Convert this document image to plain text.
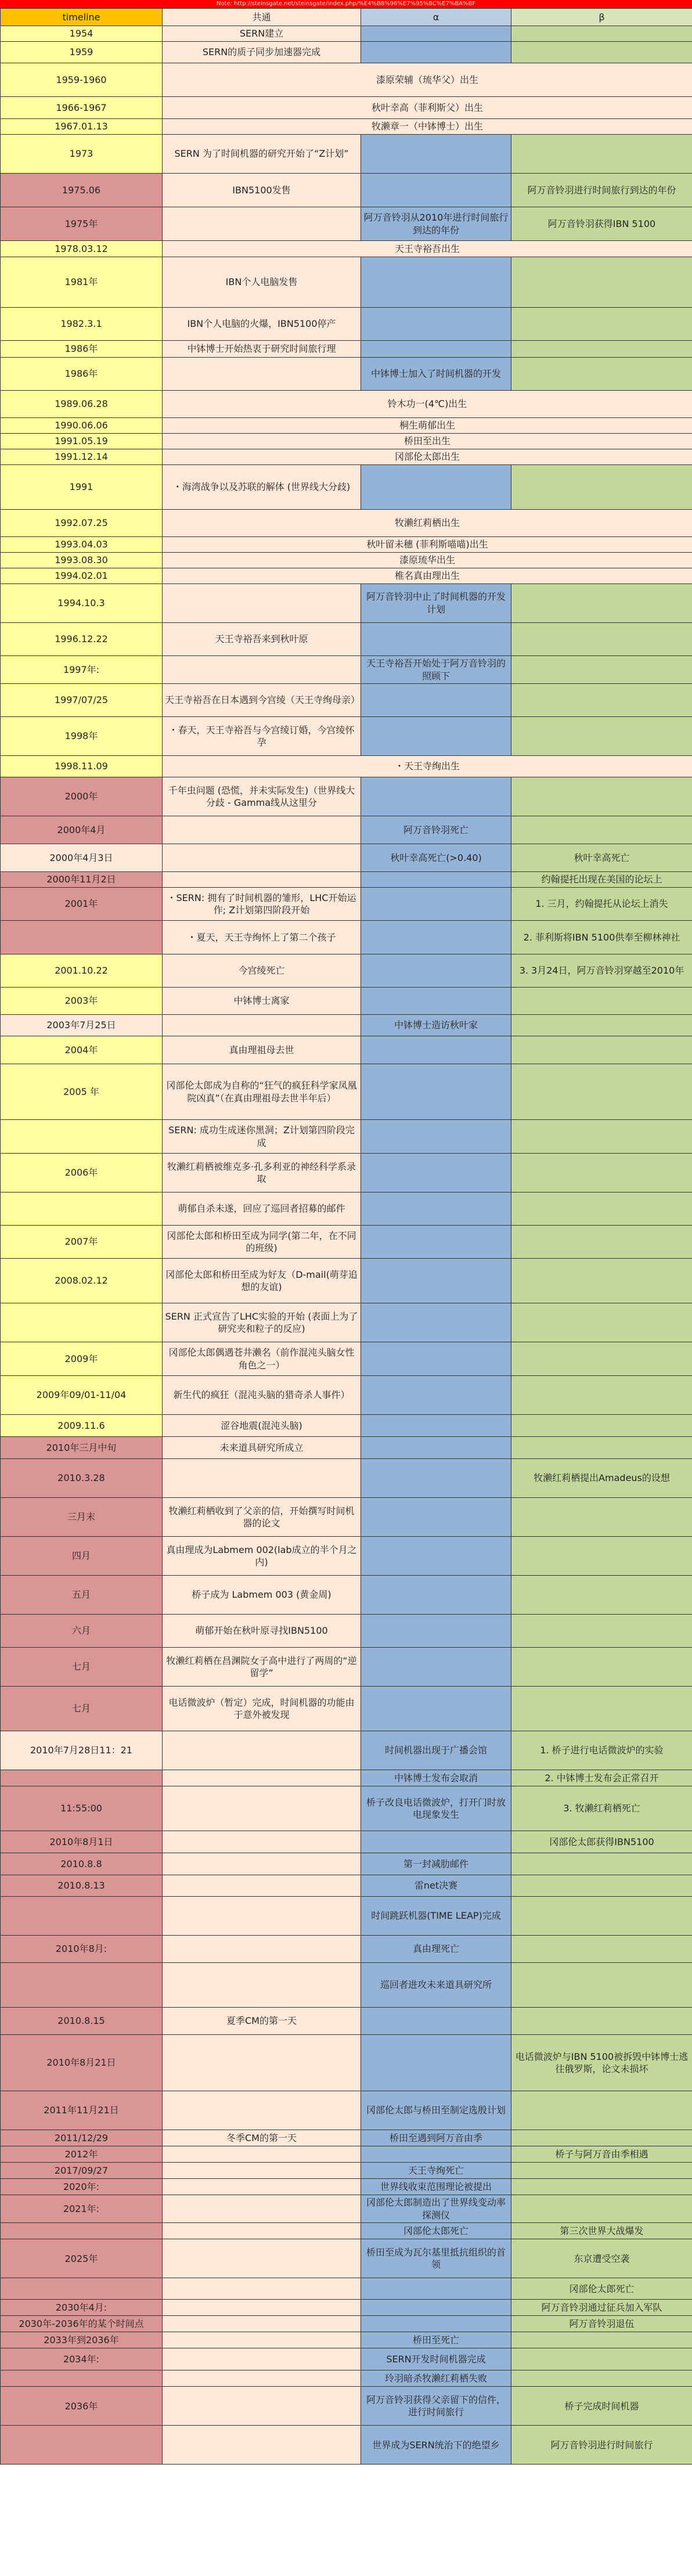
Note: http://steinsgate.net/steinsgate/index.php/%E4%B8%96%E7%95%8C%E7%BA%BF
timeline	共通	α	β
1954	SERN建立		
1959	SERN的质子同步加速器完成		
1959-1960	漆原荣辅（琉华父）出生		
1966-1967	秋叶幸高（菲利斯父）出生		
1967.01.13	牧濑章一（中钵博士）出生		
1973	SERN 为了时间机器的研究开始了“Z计划”		
1975.06	IBN5100发售		阿万音铃羽进行时间旅行到达的年份
1975年		阿万音铃羽从2010年进行时间旅行到达的年份	阿万音铃羽获得IBN 5100
1978.03.12	天王寺裕吾出生		
1981年	IBN个人电脑发售		
1982.3.1	IBN个人电脑的火爆，IBN5100停产		
1986年	中钵博士开始热衷于研究时间旅行理		
1986年		中钵博士加入了时间机器的开发	
1989.06.28	铃木功一(4℃)出生		
1990.06.06	桐生萌郁出生		
1991.05.19	桥田至出生		
1991.12.14	冈部伦太郎出生		
1991	・海湾战争以及苏联的解体 (世界线大分歧)		
1992.07.25	牧濑红莉栖出生		
1993.04.03	秋叶留未穗 (菲利斯喵喵)出生		
1993.08.30	漆原琉华出生		
1994.02.01	椎名真由理出生		
1994.10.3		阿万音铃羽中止了时间机器的开发计划	
1996.12.22	天王寺裕吾来到秋叶原		
1997年:		天王寺裕吾开始处于阿万音铃羽的照顾下	
1997/07/25	天王寺裕吾在日本遇到今宫绫（天王寺绚母亲）		
1998年	・春天，天王寺裕吾与今宫绫订婚，今宫绫怀孕		
1998.11.09	・天王寺绚出生		
2000年	千年虫问题 (恐慌，并未实际发生)（世界线大分歧 - Gamma线从这里分		
2000年4月		阿万音铃羽死亡	
2000年4月3日		秋叶幸高死亡(>0.40)	秋叶幸高死亡
2000年11月2日			约翰提托出现在美国的论坛上
2001年	・SERN: 拥有了时间机器的雏形，LHC开始运作; Z计划第四阶段开始		1. 三月，约翰提托从论坛上消失
	・夏天，天王寺绚怀上了第二个孩子		2. 菲利斯将IBN 5100供奉至柳林神社
2001.10.22	今宫绫死亡		3. 3月24日，阿万音铃羽穿越至2010年
2003年	中钵博士离家		
2003年7月25日		中钵博士造访秋叶家	
2004年	真由理祖母去世		
2005 年	冈部伦太郎成为自称的“狂气的疯狂科学家凤凰院凶真”（在真由理祖母去世半年后）		
	SERN: 成功生成迷你黑洞；Z计划第四阶段完成		
2006年	牧濑红莉栖被维克多·孔多利亚的神经科学系录取		
	萌郁自杀未遂，回应了巡回者招募的邮件		
2007年	冈部伦太郎和桥田至成为同学(第二年，在不同的班级)		
2008.02.12	冈部伦太郎和桥田至成为好友（D-mail(萌芽追想的友谊)		
	SERN 正式宣告了LHC实验的开始 (表面上为了研究夹和粒子的反应)		
2009年	冈部伦太郎偶遇苍井濑名（前作混沌头脑女性角色之一）		
2009年09/01-11/04	新生代的疯狂（混沌头脑的猎奇杀人事件）		
2009.11.6	涩谷地震(混沌头脑)		
2010年三月中旬	未来道具研究所成立		
2010.3.28			牧濑红莉栖提出Amadeus的设想
三月末	牧濑红莉栖收到了父亲的信，开始撰写时间机器的论文		
四月	真由理成为Labmem 002(lab成立的半个月之内)		
五月	桥子成为 Labmem 003 (黄金周)		
六月	萌郁开始在秋叶原寻找IBN5100		
七月	牧濑红莉栖在昌渊院女子高中进行了两周的“逆留学”		
七月	电话微波炉（暂定）完成，时间机器的功能由于意外被发现		
2010年7月28日11：21		时间机器出现于广播会馆	1. 桥子进行电话微波炉的实验
		中钵博士发布会取消	2. 中钵博士发布会正常召开
11:55:00		桥子改良电话微波炉，打开门时放电现象发生	3. 牧濑红莉栖死亡
2010年8月1日			冈部伦太郎获得IBN5100
2010.8.8		第一封减肋邮件	
2010.8.13		雷net决赛	
		时间跳跃机器(TIME LEAP)完成	
2010年8月:		真由理死亡	
		巡回者进攻未来道具研究所	
2010.8.15	夏季CM的第一天		
2010年8月21日			电话微波炉与IBN 5100被拆毁中钵博士逃往俄罗斯，论文未损坏
2011年11月21日		冈部伦太郎与桥田至制定选殷计划	
2011/12/29	冬季CM的第一天	桥田至遇到阿万音由季	
2012年			桥子与阿万音由季相遇
2017/09/27		天王寺绚死亡	
2020年:		世界线收束范围理论被提出	
2021年:		冈部伦太郎制造出了世界线变动率探测仪	
		冈部伦太郎死亡	第三次世界大战爆发
2025年		桥田至成为瓦尔基里抵抗组织的首领	东京遭受空袭
			冈部伦太郎死亡
2030年4月:			阿万音铃羽通过征兵加入军队
2030年-2036年的某个时间点			阿万音铃羽退伍
2033年到2036年		桥田至死亡	
2034年:		SERN开发时间机器完成	
		玲羽暗杀牧濑红莉栖失败	
2036年		阿万音铃羽获得父亲留下的信件，进行时间旅行	桥子完成时间机器
		世界成为SERN统治下的绝望乡	阿万音铃羽进行时间旅行
